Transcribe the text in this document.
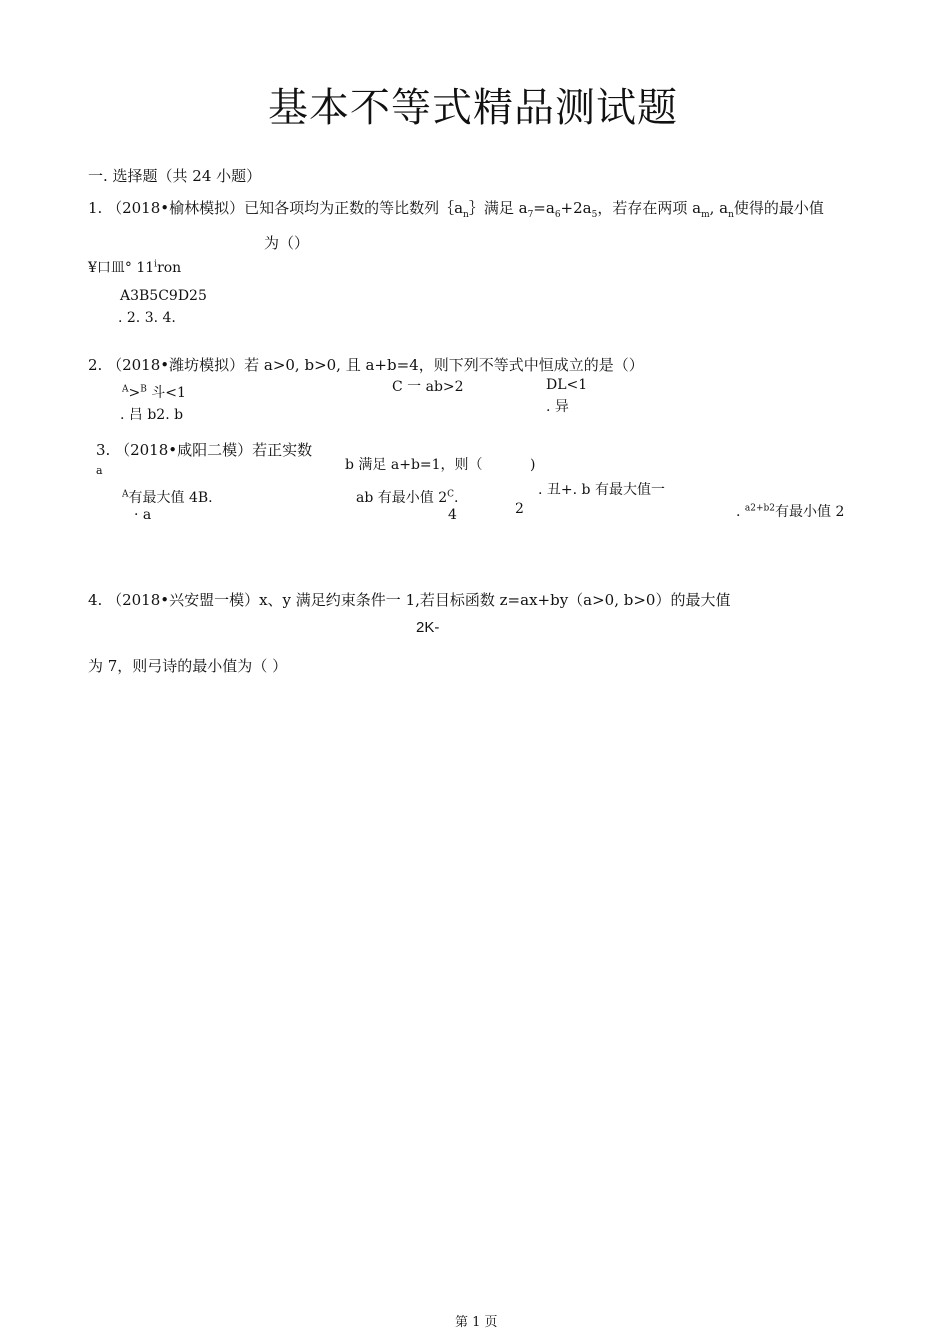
基本不等式精品测试题
一. 选择题（共 24 小题）
1. （2018•榆林模拟）已知各项均为正数的等比数列$\{a_n\}$满足 $a_7=a_6+2a_5$，若存在两项 $a_m$, $a_n$使得的最小值
为（）
¥口皿° 11$^i$ron
A3B5C9D25
. 2. 3. 4.
2. （2018•潍坊模拟）若 a>0, b>0, 且 a+b=4，则下列不等式中恒成立的是（）
$^A$>$^B$ 斗<1	C 一 ab>2	DL<1
. 吕 b2. b	. 异
3. （2018•咸阳二模）若正实数
a	b 满足 a+b=1，则（	)
$^A$有最大值 4B.
· a
ab 有最小值 $2^C$.
4	2
. 丑+. b 有最大值一
. $^{a2+b2}$有最小值 2
4. （2018•兴安盟一模）x、y 满足约束条件一 1,若目标函数 z=ax+by（a>0, b>0）的最大值
2K-
为 7，则弓诗的最小值为（ ）
第 1 页
